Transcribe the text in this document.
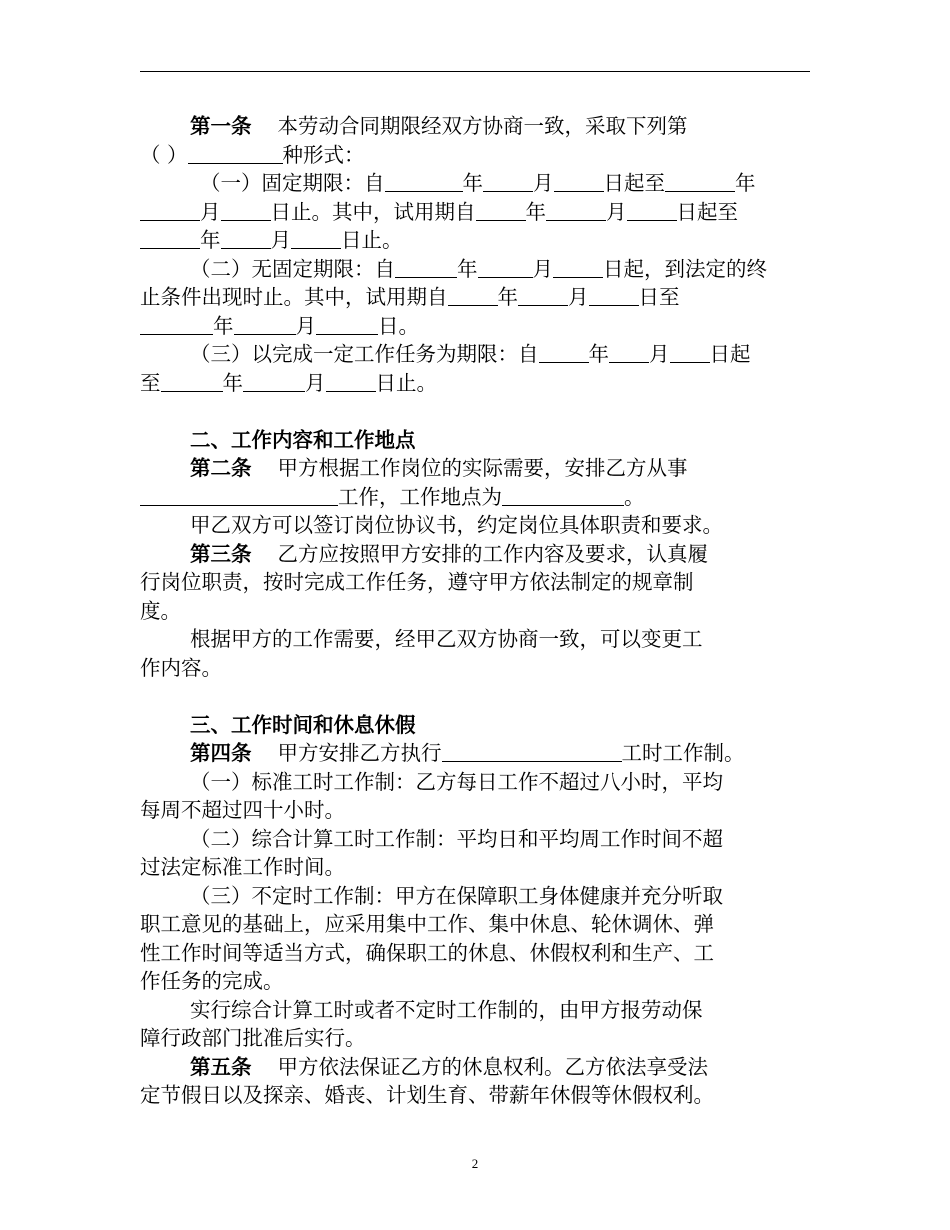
第一条 本劳动合同期限经双方协商一致，采取下列第
（ ）	种形式：
（一）固定期限：自	年 月 日起至	年
月 日止。其中，试用期自 年	月 日起至
年 月 日止。
（二）无固定期限：自	年	月 日起，到法定的终
止条件出现时止。其中，试用期自 年 月 日至
年	月	日。
（三）以完成一定工作任务为期限：自 年 月 日起
至	年	月 日止。
二、工作内容和工作地点
第二条 甲方根据工作岗位的实际需要，安排乙方从事
工作，工作地点为	。
甲乙双方可以签订岗位协议书，约定岗位具体职责和要求。
第三条 乙方应按照甲方安排的工作内容及要求，认真履
行岗位职责，按时完成工作任务，遵守甲方依法制定的规章制
度。
根据甲方的工作需要，经甲乙双方协商一致，可以变更工
作内容。
三、工作时间和休息休假
第四条 甲方安排乙方执行	工时工作制。
（一）标准工时工作制：乙方每日工作不超过八小时，平均
每周不超过四十小时。
（二）综合计算工时工作制：平均日和平均周工作时间不超
过法定标准工作时间。
（三）不定时工作制：甲方在保障职工身体健康并充分听取
职工意见的基础上，应采用集中工作、集中休息、轮休调休、弹
性工作时间等适当方式，确保职工的休息、休假权利和生产、工
作任务的完成。
实行综合计算工时或者不定时工作制的，由甲方报劳动保
障行政部门批准后实行。
第五条 甲方依法保证乙方的休息权利。乙方依法享受法
定节假日以及探亲、婚丧、计划生育、带薪年休假等休假权利。
2
